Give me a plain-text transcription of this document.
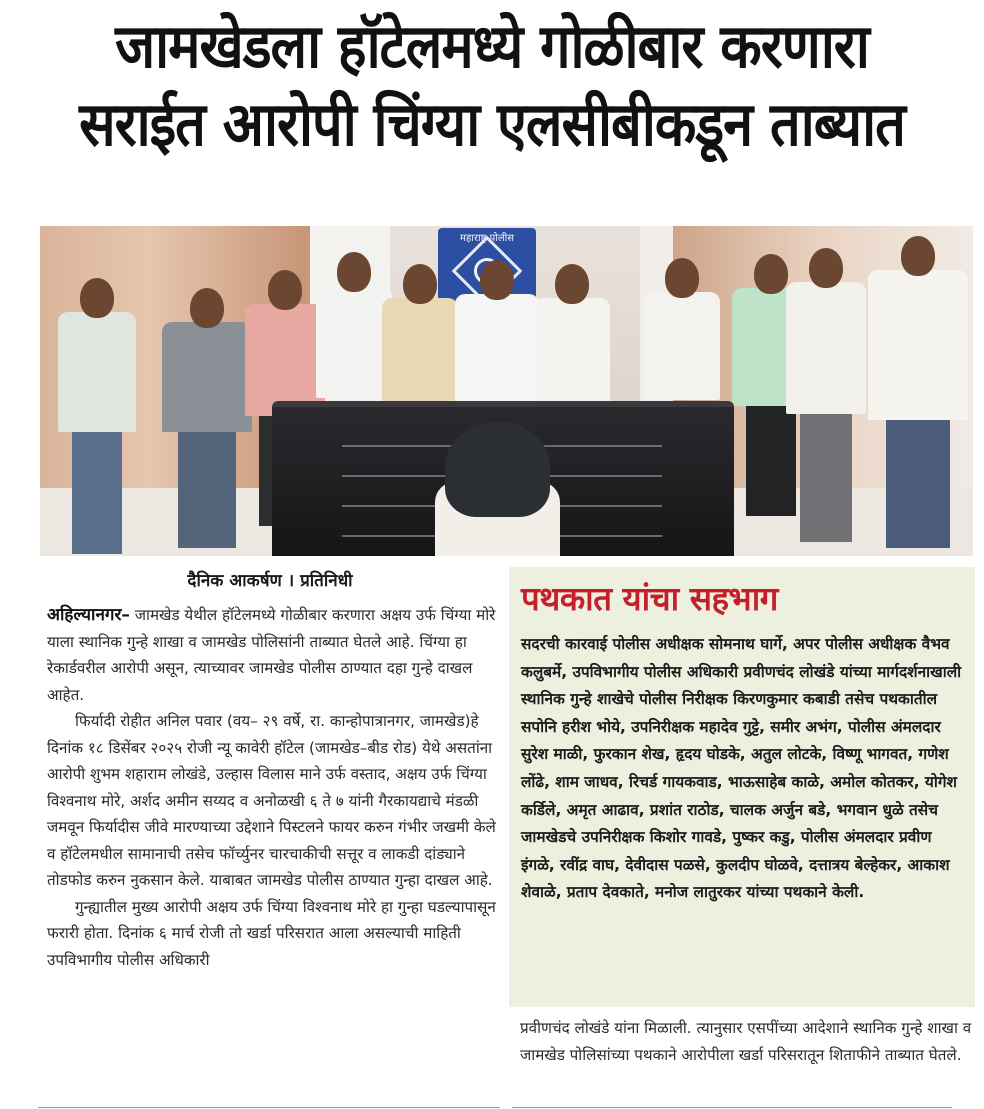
जामखेडला हॉटेलमध्ये गोळीबार करणारा
सराईत आरोपी चिंग्या एलसीबीकडून ताब्यात
महाराष्ट्र पोलीस
दैनिक आकर्षण । प्रतिनिधी

अहिल्यानगर– जामखेड येथील हॉटेलमध्ये गोळीबार करणारा अक्षय उर्फ चिंग्या मोरे याला स्थानिक गुन्हे शाखा व जामखेड पोलिसांनी ताब्यात घेतले आहे. चिंग्या हा रेकार्डवरील आरोपी असून, त्याच्यावर जामखेड पोलीस ठाण्यात दहा गुन्हे दाखल आहेत.

फिर्यादी रोहीत अनिल पवार (वय– २९ वर्षे, रा. कान्होपात्रानगर, जामखेड)हे दिनांक १८ डिसेंबर २०२५ रोजी न्यू कावेरी हॉटेल (जामखेड–बीड रोड) येथे असतांना आरोपी शुभम शहाराम लोखंडे, उल्हास विलास माने उर्फ वस्ताद, अक्षय उर्फ चिंग्या विश्वनाथ मोरे, अर्शद अमीन सय्यद व अनोळखी ६ ते ७ यांनी गैरकायद्याचे मंडळी जमवून फिर्यादीस जीवे मारण्याच्या उद्देशाने पिस्टलने फायर करुन गंभीर जखमी केले व हॉटेलमधील सामानाची तसेच फॉर्च्युनर चारचाकीची सत्तूर व लाकडी दांड्याने तोडफोड करुन नुकसान केले. याबाबत जामखेड पोलीस ठाण्यात गुन्हा दाखल आहे.

गुन्ह्यातील मुख्य आरोपी अक्षय उर्फ चिंग्या विश्वनाथ मोरे हा गुन्हा घडल्यापासून फरारी होता. दिनांक ६ मार्च रोजी तो खर्डा परिसरात आला असल्याची माहिती उपविभागीय पोलीस अधिकारी

पथकात यांचा सहभाग
सदरची कारवाई पोलीस अधीक्षक सोमनाथ घार्गे, अपर पोलीस अधीक्षक वैभव कलुबर्मे, उपविभागीय पोलीस अधिकारी प्रवीणचंद लोखंडे यांच्या मार्गदर्शनाखाली स्थानिक गुन्हे शाखेचे पोलीस निरीक्षक किरणकुमार कबाडी तसेच पथकातील सपोनि हरीश भोये, उपनिरीक्षक महादेव गुट्टे, समीर अभंग, पोलीस अंमलदार सुरेश माळी, फुरकान शेख, हृदय घोडके, अतुल लोटके, विष्णू भागवत, गणेश लोंढे, शाम जाधव, रिचर्ड गायकवाड, भाऊसाहेब काळे, अमोल कोतकर, योगेश कर्डिले, अमृत आढाव, प्रशांत राठोड, चालक अर्जुन बडे, भगवान धुळे तसेच जामखेडचे उपनिरीक्षक किशोर गावडे, पुष्कर कडु, पोलीस अंमलदार प्रवीण इंगळे, रवींद्र वाघ, देवीदास पळसे, कुलदीप घोळवे, दत्तात्रय बेल्हेकर, आकाश शेवाळे, प्रताप देवकाते, मनोज लातुरकर यांच्या पथकाने केली.

प्रवीणचंद लोखंडे यांना मिळाली. त्यानुसार एसपींच्या आदेशाने स्थानिक गुन्हे शाखा व जामखेड पोलिसांच्या पथकाने आरोपीला खर्डा परिसरातून शिताफीने ताब्यात घेतले.
